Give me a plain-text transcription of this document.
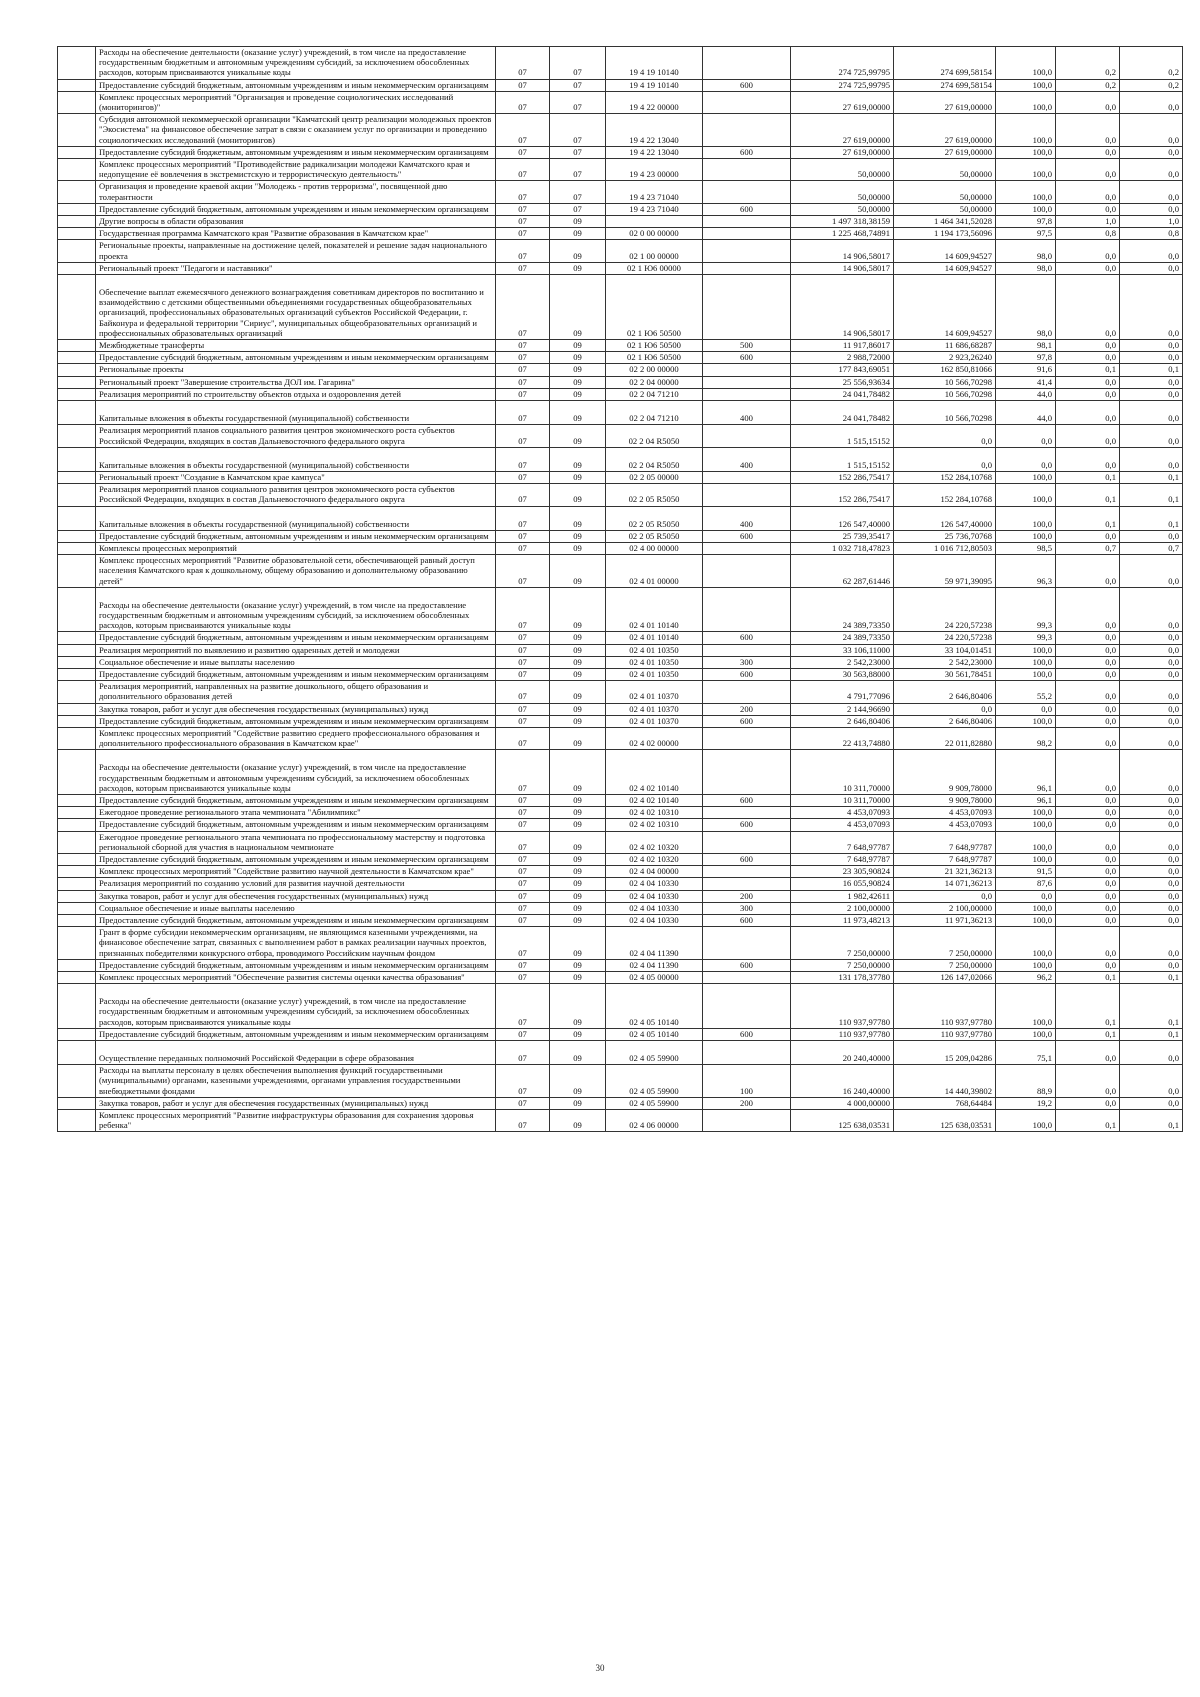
	Расходы на обеспечение деятельности (оказание услуг) учреждений, в том числе на предоставление государственным бюджетным и автономным учреждениям субсидий, за исключением обособленных расходов, которым присваиваются уникальные коды	07	07	19 4 19 10140		274 725,99795	274 699,58154	100,0	0,2	0,2
	Предоставление субсидий бюджетным, автономным учреждениям и иным некоммерческим организациям	07	07	19 4 19 10140	600	274 725,99795	274 699,58154	100,0	0,2	0,2
	Комплекс процессных мероприятий "Организация и проведение социологических исследований (мониторингов)"	07	07	19 4 22 00000		27 619,00000	27 619,00000	100,0	0,0	0,0
	Субсидия автономной некоммерческой организации "Камчатский центр реализации молодежных проектов "Экосистема" на финансовое обеспечение затрат в связи с оказанием услуг по организации и проведению социологических исследований (мониторингов)	07	07	19 4 22 13040		27 619,00000	27 619,00000	100,0	0,0	0,0
	Предоставление субсидий бюджетным, автономным учреждениям и иным некоммерческим организациям	07	07	19 4 22 13040	600	27 619,00000	27 619,00000	100,0	0,0	0,0
	Комплекс процессных мероприятий "Противодействие радикализации молодежи Камчатского края и недопущение её вовлечения в экстремистскую и террористическую деятельность"	07	07	19 4 23 00000		50,00000	50,00000	100,0	0,0	0,0
	Организация и проведение краевой акции "Молодежь - против терроризма", посвященной дню толерантности	07	07	19 4 23 71040		50,00000	50,00000	100,0	0,0	0,0
	Предоставление субсидий бюджетным, автономным учреждениям и иным некоммерческим организациям	07	07	19 4 23 71040	600	50,00000	50,00000	100,0	0,0	0,0
	Другие вопросы в области образования	07	09			1 497 318,38159	1 464 341,52028	97,8	1,0	1,0
	Государственная программа Камчатского края "Развитие образования в Камчатском крае"	07	09	02 0 00 00000		1 225 468,74891	1 194 173,56096	97,5	0,8	0,8
	Региональные проекты, направленные на достижение целей, показателей и решение задач национального проекта	07	09	02 1 00 00000		14 906,58017	14 609,94527	98,0	0,0	0,0
	Региональный проект "Педагоги и наставники"	07	09	02 1 Ю6 00000		14 906,58017	14 609,94527	98,0	0,0	0,0
	Обеспечение выплат ежемесячного денежного вознаграждения советникам директоров по воспитанию и взаимодействию с детскими общественными объединениями государственных общеобразовательных организаций, профессиональных образовательных организаций субъектов Российской Федерации, г. Байконура и федеральной территории "Сириус", муниципальных общеобразовательных организаций и профессиональных образовательных организаций	07	09	02 1 Ю6 50500		14 906,58017	14 609,94527	98,0	0,0	0,0
	Межбюджетные трансферты	07	09	02 1 Ю6 50500	500	11 917,86017	11 686,68287	98,1	0,0	0,0
	Предоставление субсидий бюджетным, автономным учреждениям и иным некоммерческим организациям	07	09	02 1 Ю6 50500	600	2 988,72000	2 923,26240	97,8	0,0	0,0
	Региональные проекты	07	09	02 2 00 00000		177 843,69051	162 850,81066	91,6	0,1	0,1
	Региональный проект "Завершение строительства ДОЛ им. Гагарина"	07	09	02 2 04 00000		25 556,93634	10 566,70298	41,4	0,0	0,0
	Реализация мероприятий по строительству объектов отдыха и оздоровления детей	07	09	02 2 04 71210		24 041,78482	10 566,70298	44,0	0,0	0,0
	Капитальные вложения в объекты государственной (муниципальной) собственности	07	09	02 2 04 71210	400	24 041,78482	10 566,70298	44,0	0,0	0,0
	Реализация мероприятий планов социального развития центров экономического роста субъектов Российской Федерации, входящих в состав Дальневосточного федерального округа	07	09	02 2 04 R5050		1 515,15152	0,0	0,0	0,0	0,0
	Капитальные вложения в объекты государственной (муниципальной) собственности	07	09	02 2 04 R5050	400	1 515,15152	0,0	0,0	0,0	0,0
	Региональный проект "Создание в Камчатском крае кампуса"	07	09	02 2 05 00000		152 286,75417	152 284,10768	100,0	0,1	0,1
	Реализация мероприятий планов социального развития центров экономического роста субъектов Российской Федерации, входящих в состав Дальневосточного федерального округа	07	09	02 2 05 R5050		152 286,75417	152 284,10768	100,0	0,1	0,1
	Капитальные вложения в объекты государственной (муниципальной) собственности	07	09	02 2 05 R5050	400	126 547,40000	126 547,40000	100,0	0,1	0,1
	Предоставление субсидий бюджетным, автономным учреждениям и иным некоммерческим организациям	07	09	02 2 05 R5050	600	25 739,35417	25 736,70768	100,0	0,0	0,0
	Комплексы процессных мероприятий	07	09	02 4 00 00000		1 032 718,47823	1 016 712,80503	98,5	0,7	0,7
	Комплекс процессных мероприятий "Развитие образовательной сети, обеспечивающей равный доступ населения Камчатского края к дошкольному, общему образованию и дополнительному образованию детей"	07	09	02 4 01 00000		62 287,61446	59 971,39095	96,3	0,0	0,0
	Расходы на обеспечение деятельности (оказание услуг) учреждений, в том числе на предоставление государственным бюджетным и автономным учреждениям субсидий, за исключением обособленных расходов, которым присваиваются уникальные коды	07	09	02 4 01 10140		24 389,73350	24 220,57238	99,3	0,0	0,0
	Предоставление субсидий бюджетным, автономным учреждениям и иным некоммерческим организациям	07	09	02 4 01 10140	600	24 389,73350	24 220,57238	99,3	0,0	0,0
	Реализация мероприятий по выявлению и развитию одаренных детей и молодежи	07	09	02 4 01 10350		33 106,11000	33 104,01451	100,0	0,0	0,0
	Социальное обеспечение и иные выплаты населению	07	09	02 4 01 10350	300	2 542,23000	2 542,23000	100,0	0,0	0,0
	Предоставление субсидий бюджетным, автономным учреждениям и иным некоммерческим организациям	07	09	02 4 01 10350	600	30 563,88000	30 561,78451	100,0	0,0	0,0
	Реализация мероприятий, направленных на развитие дошкольного, общего образования и дополнительного образования детей	07	09	02 4 01 10370		4 791,77096	2 646,80406	55,2	0,0	0,0
	Закупка товаров, работ и услуг для обеспечения государственных (муниципальных) нужд	07	09	02 4 01 10370	200	2 144,96690	0,0	0,0	0,0	0,0
	Предоставление субсидий бюджетным, автономным учреждениям и иным некоммерческим организациям	07	09	02 4 01 10370	600	2 646,80406	2 646,80406	100,0	0,0	0,0
	Комплекс процессных мероприятий "Содействие развитию среднего профессионального образования и дополнительного профессионального образования в Камчатском крае"	07	09	02 4 02 00000		22 413,74880	22 011,82880	98,2	0,0	0,0
	Расходы на обеспечение деятельности (оказание услуг) учреждений, в том числе на предоставление государственным бюджетным и автономным учреждениям субсидий, за исключением обособленных расходов, которым присваиваются уникальные коды	07	09	02 4 02 10140		10 311,70000	9 909,78000	96,1	0,0	0,0
	Предоставление субсидий бюджетным, автономным учреждениям и иным некоммерческим организациям	07	09	02 4 02 10140	600	10 311,70000	9 909,78000	96,1	0,0	0,0
	Ежегодное проведение регионального этапа чемпионата "Абилимпикс"	07	09	02 4 02 10310		4 453,07093	4 453,07093	100,0	0,0	0,0
	Предоставление субсидий бюджетным, автономным учреждениям и иным некоммерческим организациям	07	09	02 4 02 10310	600	4 453,07093	4 453,07093	100,0	0,0	0,0
	Ежегодное проведение регионального этапа чемпионата по профессиональному мастерству и подготовка региональной сборной для участия в национальном чемпионате	07	09	02 4 02 10320		7 648,97787	7 648,97787	100,0	0,0	0,0
	Предоставление субсидий бюджетным, автономным учреждениям и иным некоммерческим организациям	07	09	02 4 02 10320	600	7 648,97787	7 648,97787	100,0	0,0	0,0
	Комплекс процессных мероприятий "Содействие развитию научной деятельности в Камчатском крае"	07	09	02 4 04 00000		23 305,90824	21 321,36213	91,5	0,0	0,0
	Реализация мероприятий по созданию условий для развития научной деятельности	07	09	02 4 04 10330		16 055,90824	14 071,36213	87,6	0,0	0,0
	Закупка товаров, работ и услуг для обеспечения государственных (муниципальных) нужд	07	09	02 4 04 10330	200	1 982,42611	0,0	0,0	0,0	0,0
	Социальное обеспечение и иные выплаты населению	07	09	02 4 04 10330	300	2 100,00000	2 100,00000	100,0	0,0	0,0
	Предоставление субсидий бюджетным, автономным учреждениям и иным некоммерческим организациям	07	09	02 4 04 10330	600	11 973,48213	11 971,36213	100,0	0,0	0,0
	Грант в форме субсидии некоммерческим организациям, не являющимся казенными учреждениями, на финансовое обеспечение затрат, связанных с выполнением работ в рамках реализации научных проектов, признанных победителями конкурсного отбора, проводимого Российским научным фондом	07	09	02 4 04 11390		7 250,00000	7 250,00000	100,0	0,0	0,0
	Предоставление субсидий бюджетным, автономным учреждениям и иным некоммерческим организациям	07	09	02 4 04 11390	600	7 250,00000	7 250,00000	100,0	0,0	0,0
	Комплекс процессных мероприятий "Обеспечение развития системы оценки качества образования"	07	09	02 4 05 00000		131 178,37780	126 147,02066	96,2	0,1	0,1
	Расходы на обеспечение деятельности (оказание услуг) учреждений, в том числе на предоставление государственным бюджетным и автономным учреждениям субсидий, за исключением обособленных расходов, которым присваиваются уникальные коды	07	09	02 4 05 10140		110 937,97780	110 937,97780	100,0	0,1	0,1
	Предоставление субсидий бюджетным, автономным учреждениям и иным некоммерческим организациям	07	09	02 4 05 10140	600	110 937,97780	110 937,97780	100,0	0,1	0,1
	Осуществление переданных полномочий Российской Федерации в сфере образования	07	09	02 4 05 59900		20 240,40000	15 209,04286	75,1	0,0	0,0
	Расходы на выплаты персоналу в целях обеспечения выполнения функций государственными (муниципальными) органами, казенными учреждениями, органами управления государственными внебюджетными фондами	07	09	02 4 05 59900	100	16 240,40000	14 440,39802	88,9	0,0	0,0
	Закупка товаров, работ и услуг для обеспечения государственных (муниципальных) нужд	07	09	02 4 05 59900	200	4 000,00000	768,64484	19,2	0,0	0,0
	Комплекс процессных мероприятий "Развитие инфраструктуры образования для сохранения здоровья ребенка"	07	09	02 4 06 00000		125 638,03531	125 638,03531	100,0	0,1	0,1
30
